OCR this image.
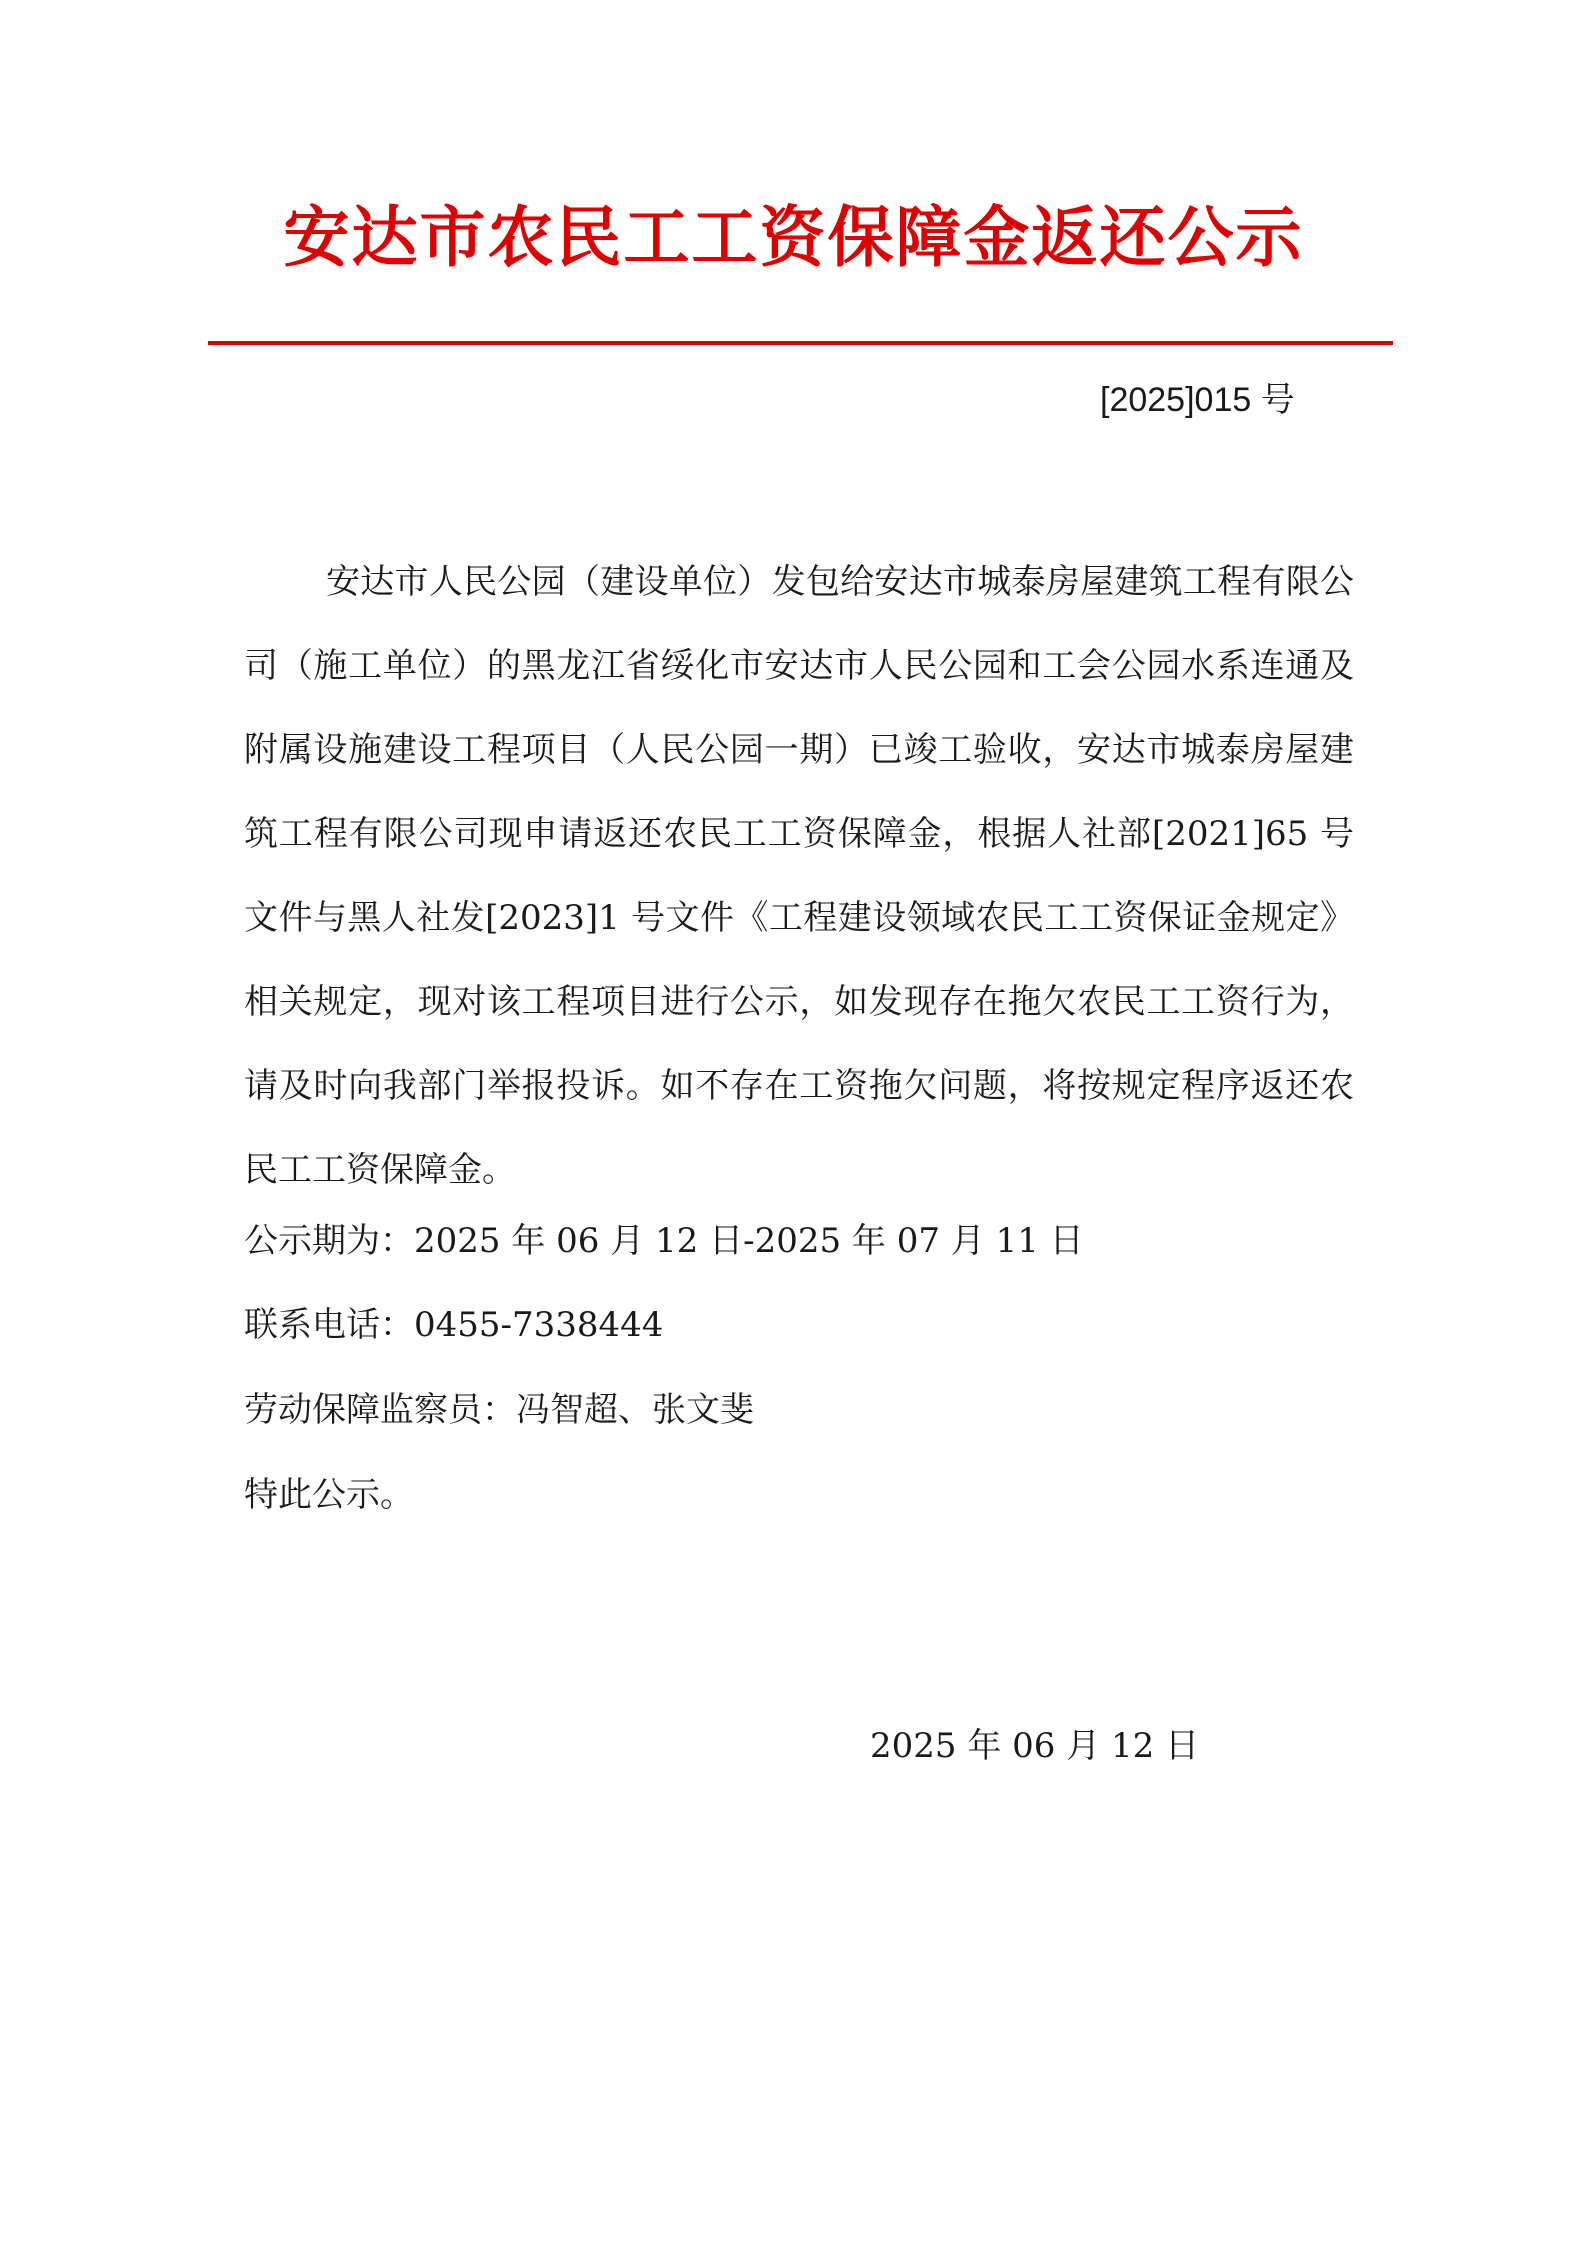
安达市农民工工资保障金返还公示
[2025]015 号

安达市人民公园（建设单位）发包给安达市城泰房屋建筑工程有限公司（施工单位）的黑龙江省绥化市安达市人民公园和工会公园水系连通及附属设施建设工程项目（人民公园一期）已竣工验收，安达市城泰房屋建筑工程有限公司现申请返还农民工工资保障金，根据人社部[2021]65 号文件与黑人社发[2023]1 号文件《工程建设领域农民工工资保证金规定》相关规定，现对该工程项目进行公示，如发现存在拖欠农民工工资行为，请及时向我部门举报投诉。如不存在工资拖欠问题，将按规定程序返还农民工工资保障金。

公示期为：2025 年 06 月 12 日-2025 年 07 月 11 日

联系电话：0455-7338444

劳动保障监察员：冯智超、张文斐

特此公示。

2025 年 06 月 12 日
